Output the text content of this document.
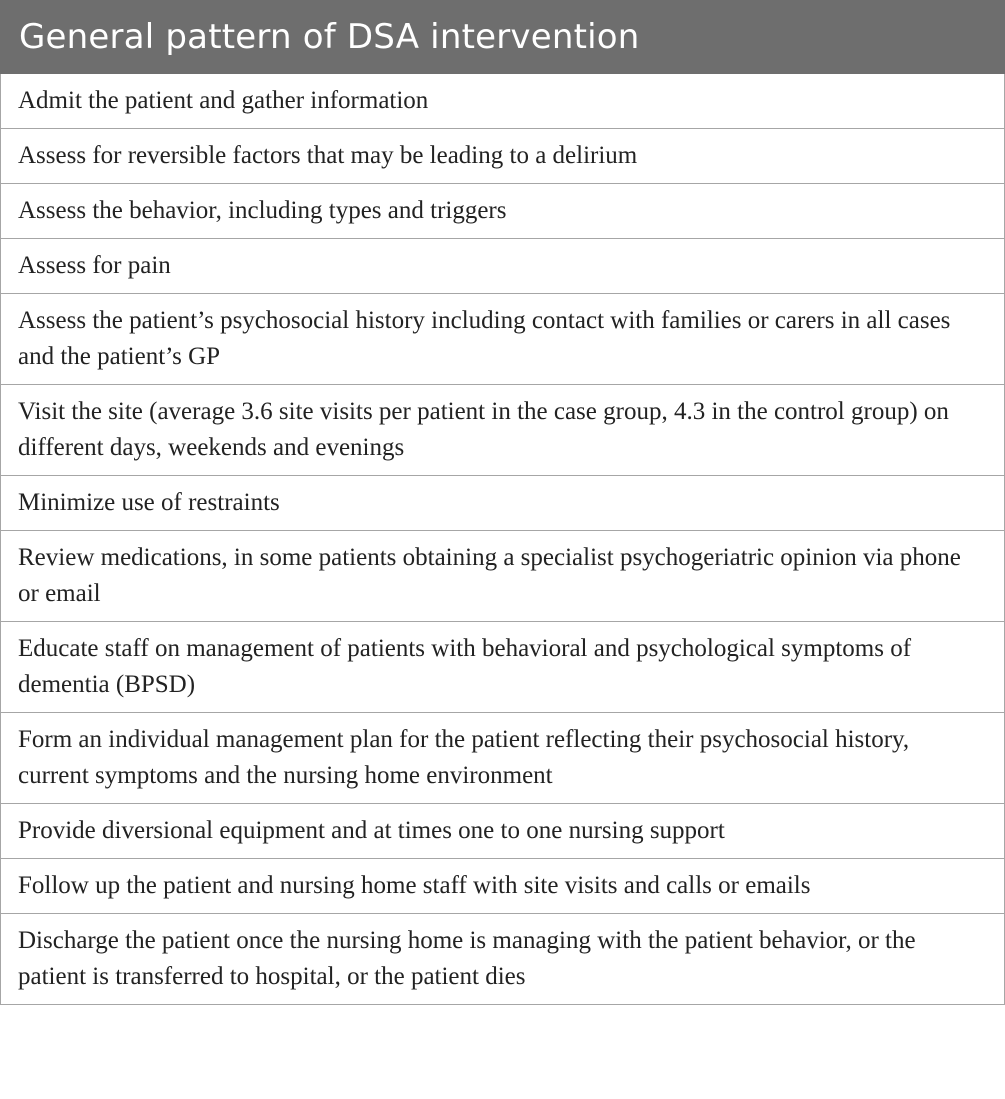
General pattern of DSA intervention
Admit the patient and gather information
Assess for reversible factors that may be leading to a delirium
Assess the behavior, including types and triggers
Assess for pain
Assess the patient’s psychosocial history including contact with families or carers in all cases and the patient’s GP
Visit the site (average 3.6 site visits per patient in the case group, 4.3 in the control group) on different days, weekends and evenings
Minimize use of restraints
Review medications, in some patients obtaining a specialist psychogeriatric opinion via phone or email
Educate staff on management of patients with behavioral and psychological symptoms of dementia (BPSD)
Form an individual management plan for the patient reflecting their psychosocial history, current symptoms and the nursing home environment
Provide diversional equipment and at times one to one nursing support
Follow up the patient and nursing home staff with site visits and calls or emails
Discharge the patient once the nursing home is managing with the patient behavior, or the patient is transferred to hospital, or the patient dies
